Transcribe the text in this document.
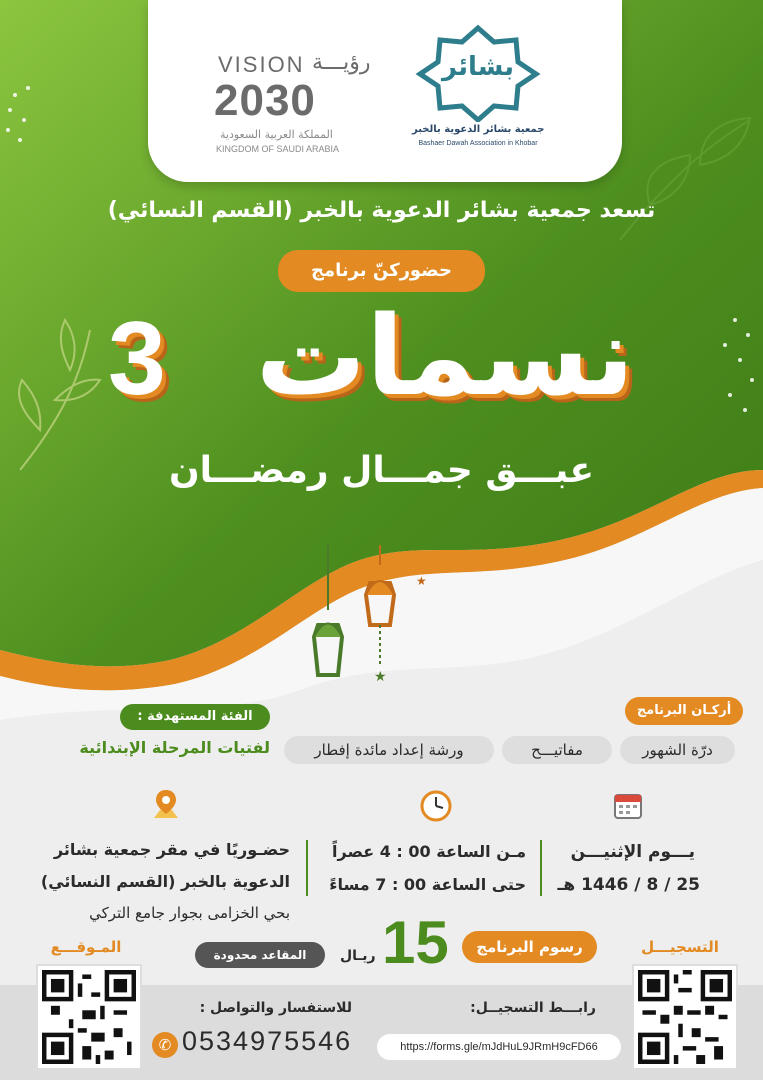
VISION رؤيـــة
2030
المملكة العربية السعودية
KINGDOM OF SAUDI ARABIA
بشائر
جمعية بشائر الدعوية بالخبر
Bashaer Dawah Association in Khobar
تسعد جمعية بشائر الدعوية بالخبر (القسم النسائي)
حضوركنّ برنامج
3 نسمات
عبـــق جمـــال رمضـــان
★
★
أركـان البرنامج
درّة الشهور
مفاتيـــح
ورشة إعداد مائدة إفطار
الفئة المستهدفة :
لفتيات المرحلة الإبتدائية
يـــوم الإثنيـــن
25 / 8 / 1446 هـ
مـن الساعة 00 : 4 عصراً
حتى الساعة 00 : 7 مساءً
حضـوريًا في مقر جمعية بشائر
الدعوية بالخبر (القسم النسائي)
بحي الخزامى بجوار جامع التركي
رسوم البرنامج
15
ريـال
المقاعد محدودة	التسجيـــل
المـوقـــع
رابـــط التسجيــل:
https://forms.gle/mJdHuL9JRmH9cFD66
للاستفسار والتواصل :
✆ 0534975546
